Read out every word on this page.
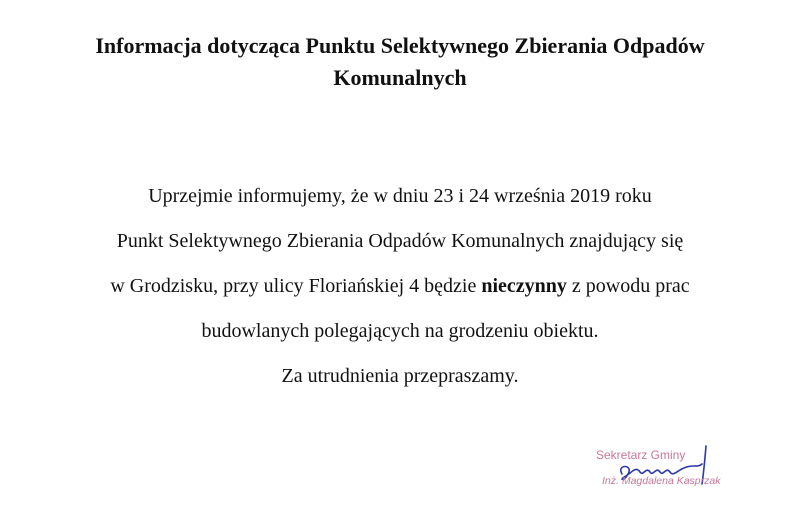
Informacja dotycząca Punktu Selektywnego Zbierania Odpadów
Komunalnych
Uprzejmie informujemy, że w dniu 23 i 24 września 2019 roku
Punkt Selektywnego Zbierania Odpadów Komunalnych znajdujący się
w Grodzisku, przy ulicy Floriańskiej 4 będzie nieczynny z powodu prac
budowlanych polegających na grodzeniu obiektu.
Za utrudnienia przepraszamy.
Sekretarz Gminy
Inż. Magdalena Kasprzak
